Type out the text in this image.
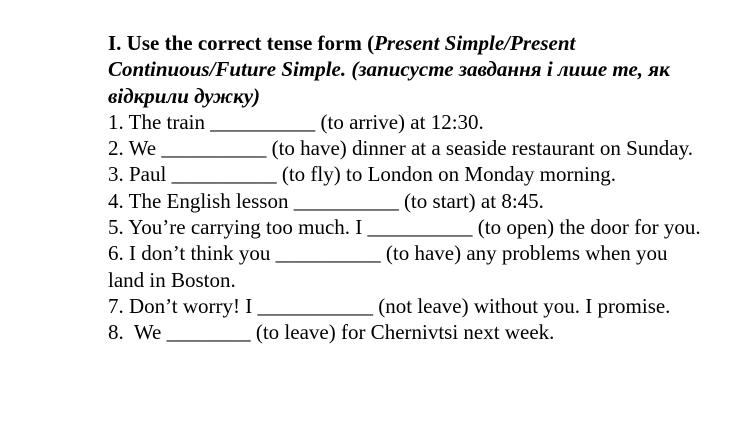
I. Use the correct tense form (Present Simple/Present Continuous/Future Simple. (записусте завдання і лише те, як відкрили дужку)
1. The train __________ (to arrive) at 12:30.
2. We __________ (to have) dinner at a seaside restaurant on Sunday.
3. Paul __________ (to fly) to London on Monday morning.
4. The English lesson __________ (to start) at 8:45.
5. You’re carrying too much. I __________ (to open) the door for you.
6. I don’t think you __________ (to have) any problems when you land in Boston.
7. Don’t worry! I ___________ (not leave) without you. I promise.
8.  We ________ (to leave) for Chernivtsi next week.
